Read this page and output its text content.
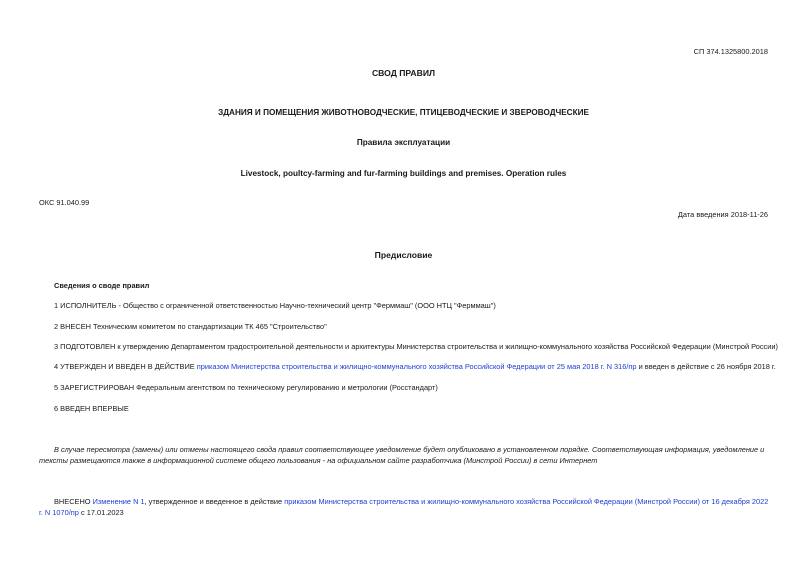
СП 374.1325800.2018
СВОД ПРАВИЛ
ЗДАНИЯ И ПОМЕЩЕНИЯ ЖИВОТНОВОДЧЕСКИЕ, ПТИЦЕВОДЧЕСКИЕ И ЗВЕРОВОДЧЕСКИЕ
Правила эксплуатации
Livestock, poultcy-farming and fur-farming buildings and premises. Operation rules
ОКС 91.040.99
Дата введения 2018-11-26
Предисловие
Сведения о своде правил
1 ИСПОЛНИТЕЛЬ - Общество с ограниченной ответственностью Научно-технический центр "Ферммаш" (ООО НТЦ "Ферммаш")
2 ВНЕСЕН Техническим комитетом по стандартизации ТК 465 "Строительство"
3 ПОДГОТОВЛЕН к утверждению Департаментом градостроительной деятельности и архитектуры Министерства строительства и жилищно-коммунального хозяйства Российской Федерации (Минстрой России)
4 УТВЕРЖДЕН И ВВЕДЕН В ДЕЙСТВИЕ приказом Министерства строительства и жилищно-коммунального хозяйства Российской Федерации от 25 мая 2018 г. N 316/пр и введен в действие с 26 ноября 2018 г.
5 ЗАРЕГИСТРИРОВАН Федеральным агентством по техническому регулированию и метрологии (Росстандарт)
6 ВВЕДЕН ВПЕРВЫЕ
В случае пересмотра (замены) или отмены настоящего свода правил соответствующее уведомление будет опубликовано в установленном порядке. Соответствующая информация, уведомление и тексты размещаются также в информационной системе общего пользования - на официальном сайте разработчика (Минстрой России) в сети Интернет
ВНЕСЕНО Изменение N 1, утвержденное и введенное в действие приказом Министерства строительства и жилищно-коммунального хозяйства Российской Федерации (Минстрой России) от 16 декабря 2022 г. N 1070/пр с 17.01.2023
